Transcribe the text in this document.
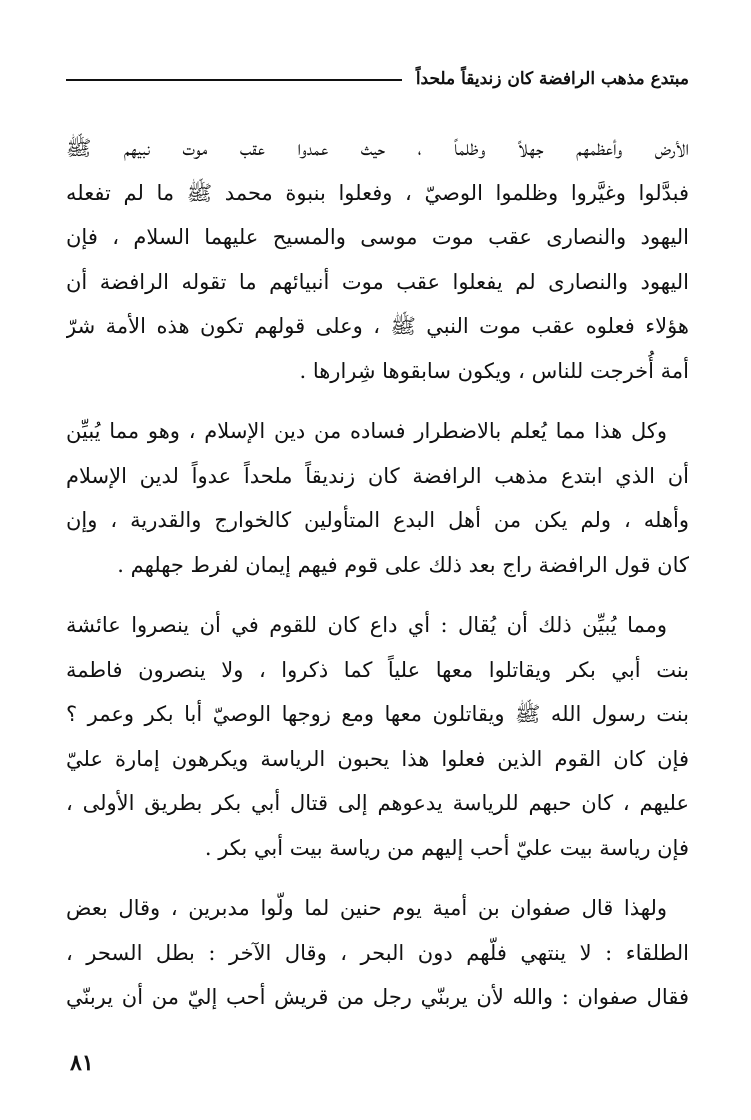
مبتدع مذهب الرافضة كان زنديقاً ملحداً
الأرض وأعظمهم جهلاً وظلماً ، حيث عمدوا عقب موت نبيهم ﷺ
فبدَّلوا وغيَّروا وظلموا الوصيّ ، وفعلوا بنبوة محمد ﷺ ما لم تفعله
اليهود والنصارى عقب موت موسى والمسيح عليهما السلام ، فإن
اليهود والنصارى لم يفعلوا عقب موت أنبيائهم ما تقوله الرافضة أن
هؤلاء فعلوه عقب موت النبي ﷺ ، وعلى قولهم تكون هذه الأمة شرّ
أمة أُخرجت للناس ، ويكون سابقوها شِرارها .
وكل هذا مما يُعلم بالاضطرار فساده من دين الإسلام ، وهو مما يُبيِّن
أن الذي ابتدع مذهب الرافضة كان زنديقاً ملحداً عدواً لدين الإسلام
وأهله ، ولم يكن من أهل البدع المتأولين كالخوارج والقدرية ، وإن
كان قول الرافضة راج بعد ذلك على قوم فيهم إيمان لفرط جهلهم .
ومما يُبيِّن ذلك أن يُقال : أي داع كان للقوم في أن ينصروا عائشة
بنت أبي بكر ويقاتلوا معها علياً كما ذكروا ، ولا ينصرون فاطمة
بنت رسول الله ﷺ ويقاتلون معها ومع زوجها الوصيّ أبا بكر وعمر ؟
فإن كان القوم الذين فعلوا هذا يحبون الرياسة ويكرهون إمارة عليّ
عليهم ، كان حبهم للرياسة يدعوهم إلى قتال أبي بكر بطريق الأولى ،
فإن رياسة بيت عليّ أحب إليهم من رياسة بيت أبي بكر .
ولهذا قال صفوان بن أمية يوم حنين لما ولّوا مدبرين ، وقال بعض
الطلقاء : لا ينتهي فلّهم دون البحر ، وقال الآخر : بطل السحر ،
فقال صفوان : والله لأن يربنّي رجل من قريش أحب إليّ من أن يربنّي
٨١
